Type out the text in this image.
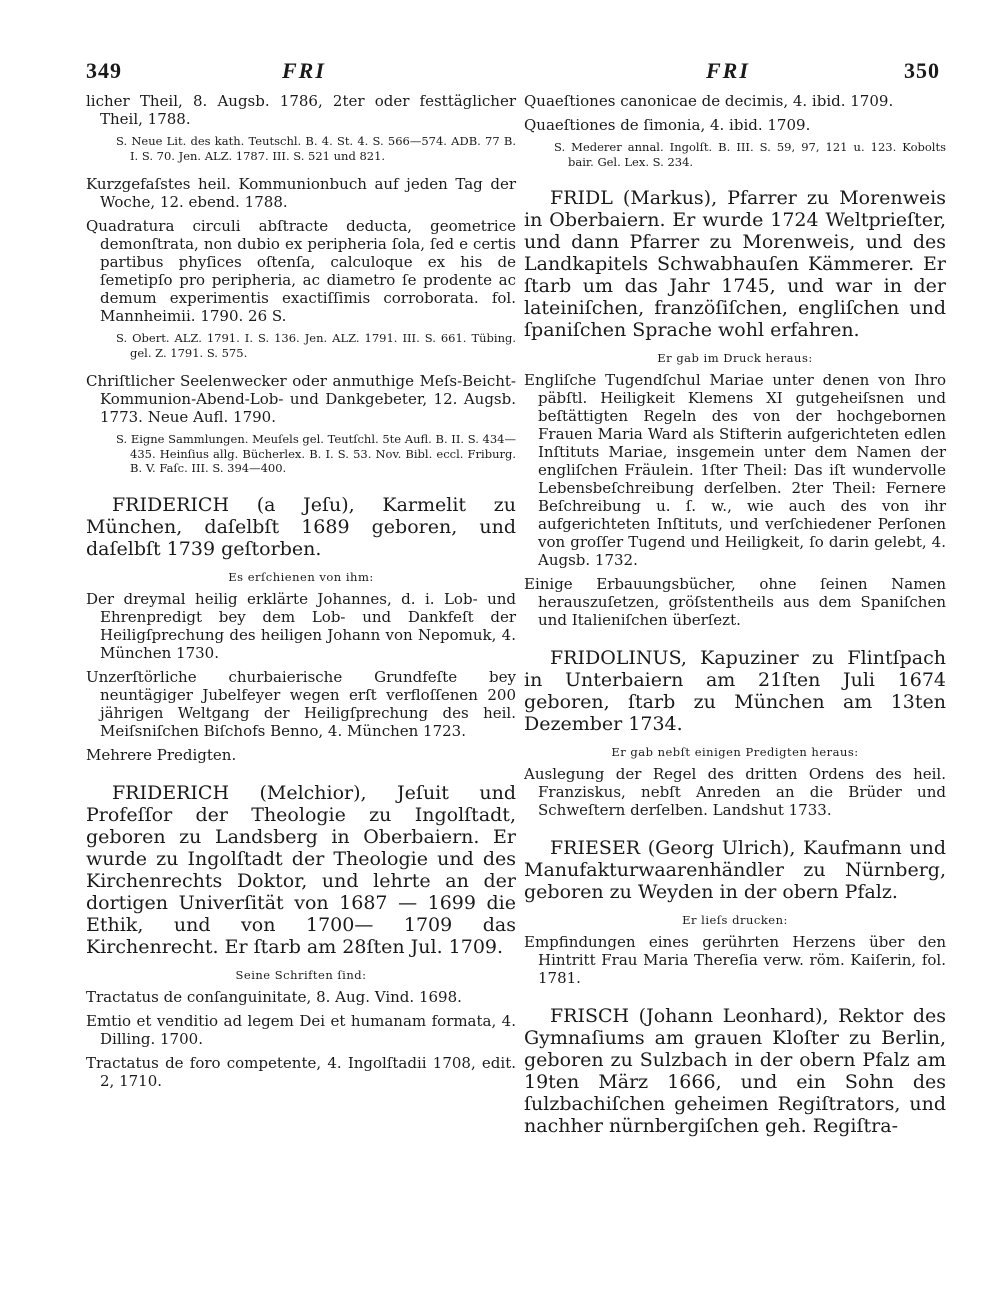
349	FRI	FRI	350

licher Theil, 8. Augsb. 1786, 2ter oder festtäglicher Theil, 1788.

S. Neue Lit. des kath. Teutschl. B. 4. St. 4. S. 566—574. ADB. 77 B. I. S. 70. Jen. ALZ. 1787. III. S. 521 und 821.

Kurzgefaſstes heil. Kommunionbuch auf jeden Tag der Woche, 12. ebend. 1788.

Quadratura circuli abſtracte deducta, geometrice demonſtrata, non dubio ex peripheria ſola, ſed e certis partibus phyſices oſtenſa, calculoque ex his de ſemetipſo pro peripheria, ac diametro ſe prodente ac demum experimentis exactiſſimis corroborata. fol. Mannheimii. 1790. 26 S.

S. Obert. ALZ. 1791. I. S. 136. Jen. ALZ. 1791. III. S. 661. Tübing. gel. Z. 1791. S. 575.

Chriſtlicher Seelenwecker oder anmuthige Meſs-Beicht-Kommunion-Abend-Lob- und Dankgebeter, 12. Augsb. 1773. Neue Aufl. 1790.

S. Eigne Sammlungen. Meuſels gel. Teutſchl. 5te Aufl. B. II. S. 434—435. Heinſius allg. Bücherlex. B. I. S. 53. Nov. Bibl. eccl. Friburg. B. V. Faſc. III. S. 394—400.

FRIDERICH (a Jeſu), Karmelit zu München, daſelbſt 1689 geboren, und daſelbſt 1739 geſtorben.

Es erſchienen von ihm:

Der dreymal heilig erklärte Johannes, d. i. Lob- und Ehrenpredigt bey dem Lob- und Dankfeſt der Heiligſprechung des heiligen Johann von Nepomuk, 4. München 1730.

Unzerſtörliche churbaierische Grundfeſte bey neuntägiger Jubelfeyer wegen erſt verfloſſenen 200 jährigen Weltgang der Heiligſprechung des heil. Meiſsniſchen Biſchofs Benno, 4. München 1723.

Mehrere Predigten.

FRIDERICH (Melchior), Jeſuit und Profeſſor der Theologie zu Ingolſtadt, geboren zu Landsberg in Oberbaiern. Er wurde zu Ingolſtadt der Theologie und des Kirchenrechts Doktor, und lehrte an der dortigen Univerſität von 1687 — 1699 die Ethik, und von 1700— 1709 das Kirchenrecht. Er ſtarb am 28ſten Jul. 1709.

Seine Schriften ſind:

Tractatus de conſanguinitate, 8. Aug. Vind. 1698.

Emtio et venditio ad legem Dei et humanam formata, 4. Dilling. 1700.

Tractatus de foro competente, 4. Ingolſtadii 1708, edit. 2, 1710.

Quaeſtiones canonicae de decimis, 4. ibid. 1709.

Quaeſtiones de ſimonia, 4. ibid. 1709.

S. Mederer annal. Ingolſt. B. III. S. 59, 97, 121 u. 123. Kobolts bair. Gel. Lex. S. 234.

FRIDL (Markus), Pfarrer zu Morenweis in Oberbaiern. Er wurde 1724 Weltprieſter, und dann Pfarrer zu Morenweis, und des Landkapitels Schwabhauſen Kämmerer. Er ſtarb um das Jahr 1745, und war in der lateiniſchen, franzöſiſchen, engliſchen und ſpaniſchen Sprache wohl erfahren.

Er gab im Druck heraus:

Engliſche Tugendſchul Mariae unter denen von Ihro päbſtl. Heiligkeit Klemens XI gutgeheiſsnen und beſtättigten Regeln des von der hochgebornen Frauen Maria Ward als Stifterin aufgerichteten edlen Inſtituts Mariae, insgemein unter dem Namen der engliſchen Fräulein. 1ſter Theil: Das iſt wundervolle Lebensbeſchreibung derſelben. 2ter Theil: Fernere Beſchreibung u. ſ. w., wie auch des von ihr aufgerichteten Inſtituts, und verſchiedener Perſonen von groſſer Tugend und Heiligkeit, ſo darin gelebt, 4. Augsb. 1732.

Einige Erbauungsbücher, ohne ſeinen Namen herauszuſetzen, gröſstentheils aus dem Spaniſchen und Italieniſchen überſezt.

FRIDOLINUS, Kapuziner zu Flintſpach in Unterbaiern am 21ſten Juli 1674 geboren, ſtarb zu München am 13ten Dezember 1734.

Er gab nebſt einigen Predigten heraus:

Auslegung der Regel des dritten Ordens des heil. Franziskus, nebſt Anreden an die Brüder und Schweſtern derſelben. Landshut 1733.

FRIESER (Georg Ulrich), Kaufmann und Manufakturwaarenhändler zu Nürnberg, geboren zu Weyden in der obern Pfalz.

Er lieſs drucken:

Empfindungen eines gerührten Herzens über den Hintritt Frau Maria Thereſia verw. röm. Kaiſerin, fol. 1781.

FRISCH (Johann Leonhard), Rektor des Gymnaſiums am grauen Kloſter zu Berlin, geboren zu Sulzbach in der obern Pfalz am 19ten März 1666, und ein Sohn des ſulzbachiſchen geheimen Regiſtrators, und nachher nürnbergiſchen geh. Regiſtra-
